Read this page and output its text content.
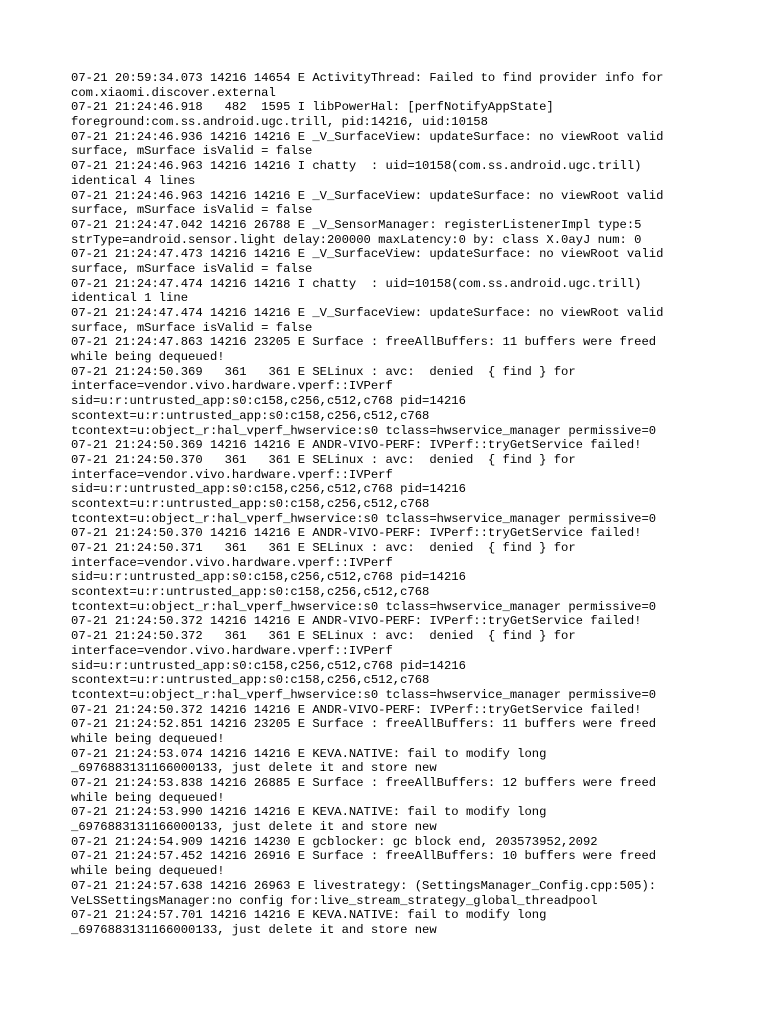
07-21 20:59:34.073 14216 14654 E ActivityThread: Failed to find provider info for
com.xiaomi.discover.external
07-21 21:24:46.918   482  1595 I libPowerHal: [perfNotifyAppState]
foreground:com.ss.android.ugc.trill, pid:14216, uid:10158
07-21 21:24:46.936 14216 14216 E _V_SurfaceView: updateSurface: no viewRoot valid
surface, mSurface isValid = false
07-21 21:24:46.963 14216 14216 I chatty  : uid=10158(com.ss.android.ugc.trill)
identical 4 lines
07-21 21:24:46.963 14216 14216 E _V_SurfaceView: updateSurface: no viewRoot valid
surface, mSurface isValid = false
07-21 21:24:47.042 14216 26788 E _V_SensorManager: registerListenerImpl type:5
strType=android.sensor.light delay:200000 maxLatency:0 by: class X.0ayJ num: 0
07-21 21:24:47.473 14216 14216 E _V_SurfaceView: updateSurface: no viewRoot valid
surface, mSurface isValid = false
07-21 21:24:47.474 14216 14216 I chatty  : uid=10158(com.ss.android.ugc.trill)
identical 1 line
07-21 21:24:47.474 14216 14216 E _V_SurfaceView: updateSurface: no viewRoot valid
surface, mSurface isValid = false
07-21 21:24:47.863 14216 23205 E Surface : freeAllBuffers: 11 buffers were freed
while being dequeued!
07-21 21:24:50.369   361   361 E SELinux : avc:  denied  { find } for
interface=vendor.vivo.hardware.vperf::IVPerf
sid=u:r:untrusted_app:s0:c158,c256,c512,c768 pid=14216
scontext=u:r:untrusted_app:s0:c158,c256,c512,c768
tcontext=u:object_r:hal_vperf_hwservice:s0 tclass=hwservice_manager permissive=0
07-21 21:24:50.369 14216 14216 E ANDR-VIVO-PERF: IVPerf::tryGetService failed!
07-21 21:24:50.370   361   361 E SELinux : avc:  denied  { find } for
interface=vendor.vivo.hardware.vperf::IVPerf
sid=u:r:untrusted_app:s0:c158,c256,c512,c768 pid=14216
scontext=u:r:untrusted_app:s0:c158,c256,c512,c768
tcontext=u:object_r:hal_vperf_hwservice:s0 tclass=hwservice_manager permissive=0
07-21 21:24:50.370 14216 14216 E ANDR-VIVO-PERF: IVPerf::tryGetService failed!
07-21 21:24:50.371   361   361 E SELinux : avc:  denied  { find } for
interface=vendor.vivo.hardware.vperf::IVPerf
sid=u:r:untrusted_app:s0:c158,c256,c512,c768 pid=14216
scontext=u:r:untrusted_app:s0:c158,c256,c512,c768
tcontext=u:object_r:hal_vperf_hwservice:s0 tclass=hwservice_manager permissive=0
07-21 21:24:50.372 14216 14216 E ANDR-VIVO-PERF: IVPerf::tryGetService failed!
07-21 21:24:50.372   361   361 E SELinux : avc:  denied  { find } for
interface=vendor.vivo.hardware.vperf::IVPerf
sid=u:r:untrusted_app:s0:c158,c256,c512,c768 pid=14216
scontext=u:r:untrusted_app:s0:c158,c256,c512,c768
tcontext=u:object_r:hal_vperf_hwservice:s0 tclass=hwservice_manager permissive=0
07-21 21:24:50.372 14216 14216 E ANDR-VIVO-PERF: IVPerf::tryGetService failed!
07-21 21:24:52.851 14216 23205 E Surface : freeAllBuffers: 11 buffers were freed
while being dequeued!
07-21 21:24:53.074 14216 14216 E KEVA.NATIVE: fail to modify long
_6976883131166000133, just delete it and store new
07-21 21:24:53.838 14216 26885 E Surface : freeAllBuffers: 12 buffers were freed
while being dequeued!
07-21 21:24:53.990 14216 14216 E KEVA.NATIVE: fail to modify long
_6976883131166000133, just delete it and store new
07-21 21:24:54.909 14216 14230 E gcblocker: gc block end, 203573952,2092
07-21 21:24:57.452 14216 26916 E Surface : freeAllBuffers: 10 buffers were freed
while being dequeued!
07-21 21:24:57.638 14216 26963 E livestrategy: (SettingsManager_Config.cpp:505):
VeLSSettingsManager:no config for:live_stream_strategy_global_threadpool
07-21 21:24:57.701 14216 14216 E KEVA.NATIVE: fail to modify long
_6976883131166000133, just delete it and store new
